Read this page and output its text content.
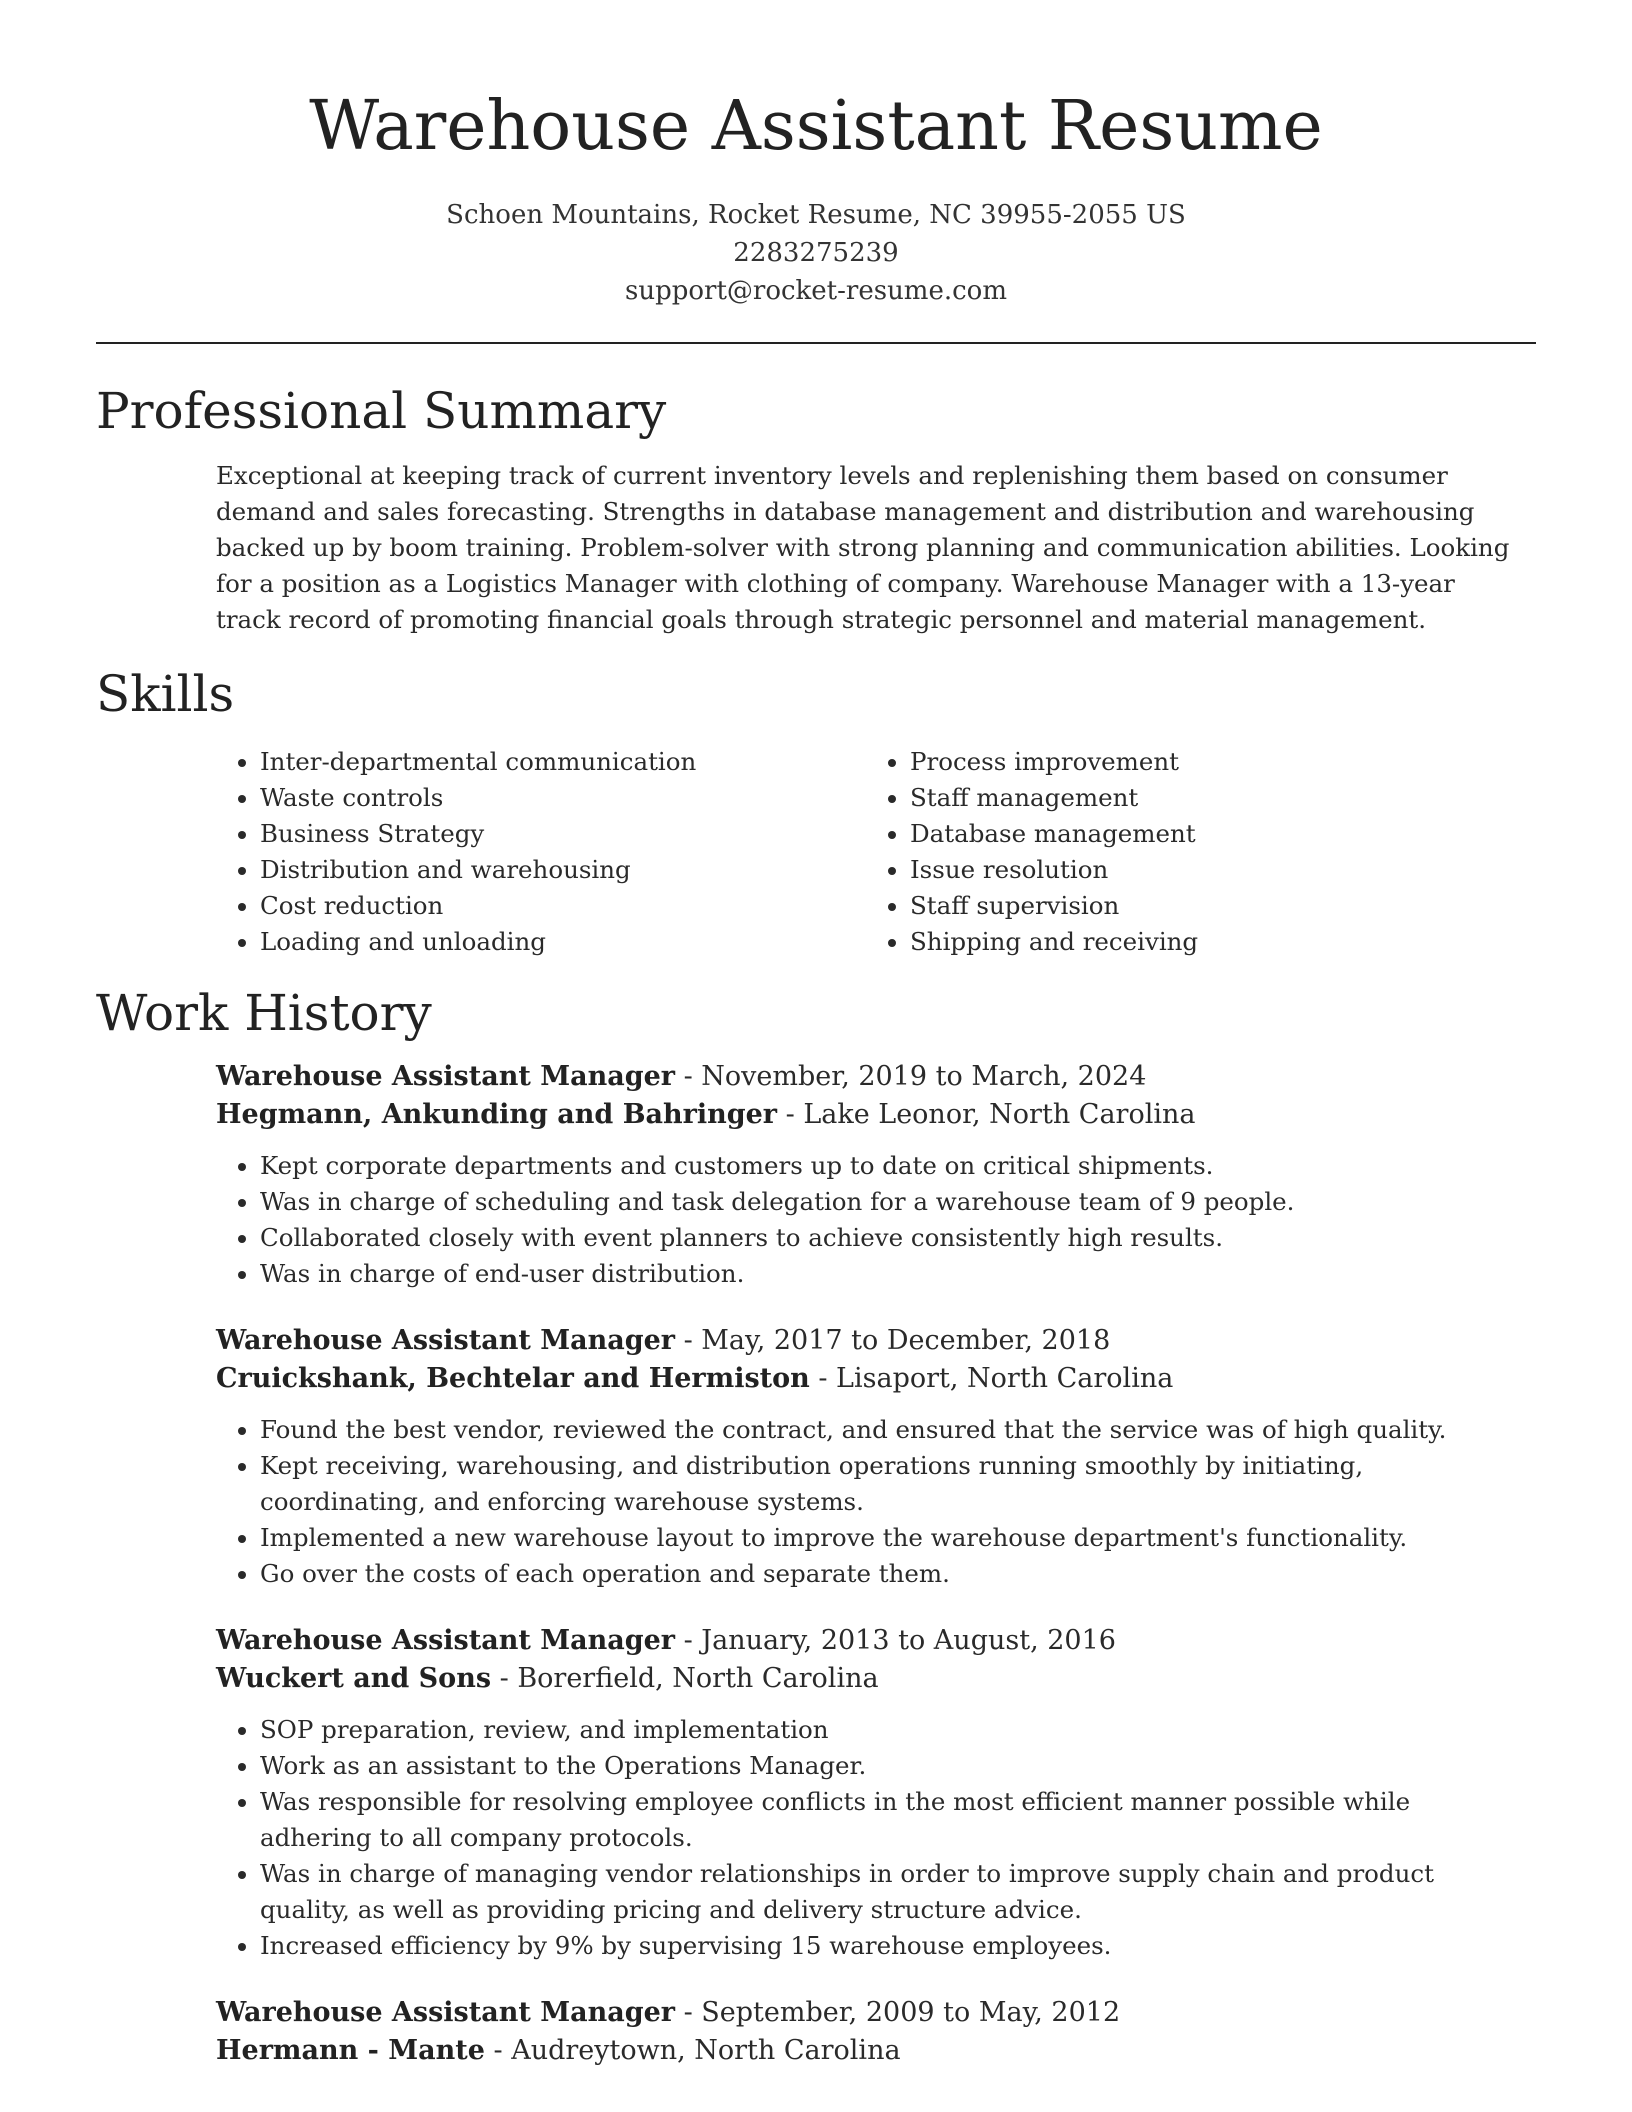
Warehouse Assistant Resume
Schoen Mountains, Rocket Resume, NC 39955-2055 US
2283275239
support@rocket-resume.com
Professional Summary

Exceptional at keeping track of current inventory levels and replenishing them based on consumer demand and sales forecasting. Strengths in database management and distribution and warehousing backed up by boom training. Problem-solver with strong planning and communication abilities. Looking for a position as a Logistics Manager with clothing of company. Warehouse Manager with a 13-year track record of promoting financial goals through strategic personnel and material management.

Skills
• Inter-departmental communication
• Waste controls
• Business Strategy
• Distribution and warehousing
• Cost reduction
• Loading and unloading
• Process improvement
• Staff management
• Database management
• Issue resolution
• Staff supervision
• Shipping and receiving
Work History

Warehouse Assistant Manager - November, 2019 to March, 2024

Hegmann, Ankunding and Bahringer - Lake Leonor, North Carolina

• Kept corporate departments and customers up to date on critical shipments.
• Was in charge of scheduling and task delegation for a warehouse team of 9 people.
• Collaborated closely with event planners to achieve consistently high results.
• Was in charge of end-user distribution.

Warehouse Assistant Manager - May, 2017 to December, 2018

Cruickshank, Bechtelar and Hermiston - Lisaport, North Carolina

• Found the best vendor, reviewed the contract, and ensured that the service was of high quality.
• Kept receiving, warehousing, and distribution operations running smoothly by initiating, coordinating, and enforcing warehouse systems.
• Implemented a new warehouse layout to improve the warehouse department's functionality.
• Go over the costs of each operation and separate them.

Warehouse Assistant Manager - January, 2013 to August, 2016

Wuckert and Sons - Borerfield, North Carolina

• SOP preparation, review, and implementation
• Work as an assistant to the Operations Manager.
• Was responsible for resolving employee conflicts in the most efficient manner possible while adhering to all company protocols.
• Was in charge of managing vendor relationships in order to improve supply chain and product quality, as well as providing pricing and delivery structure advice.
• Increased efficiency by 9% by supervising 15 warehouse employees.

Warehouse Assistant Manager - September, 2009 to May, 2012

Hermann - Mante - Audreytown, North Carolina
